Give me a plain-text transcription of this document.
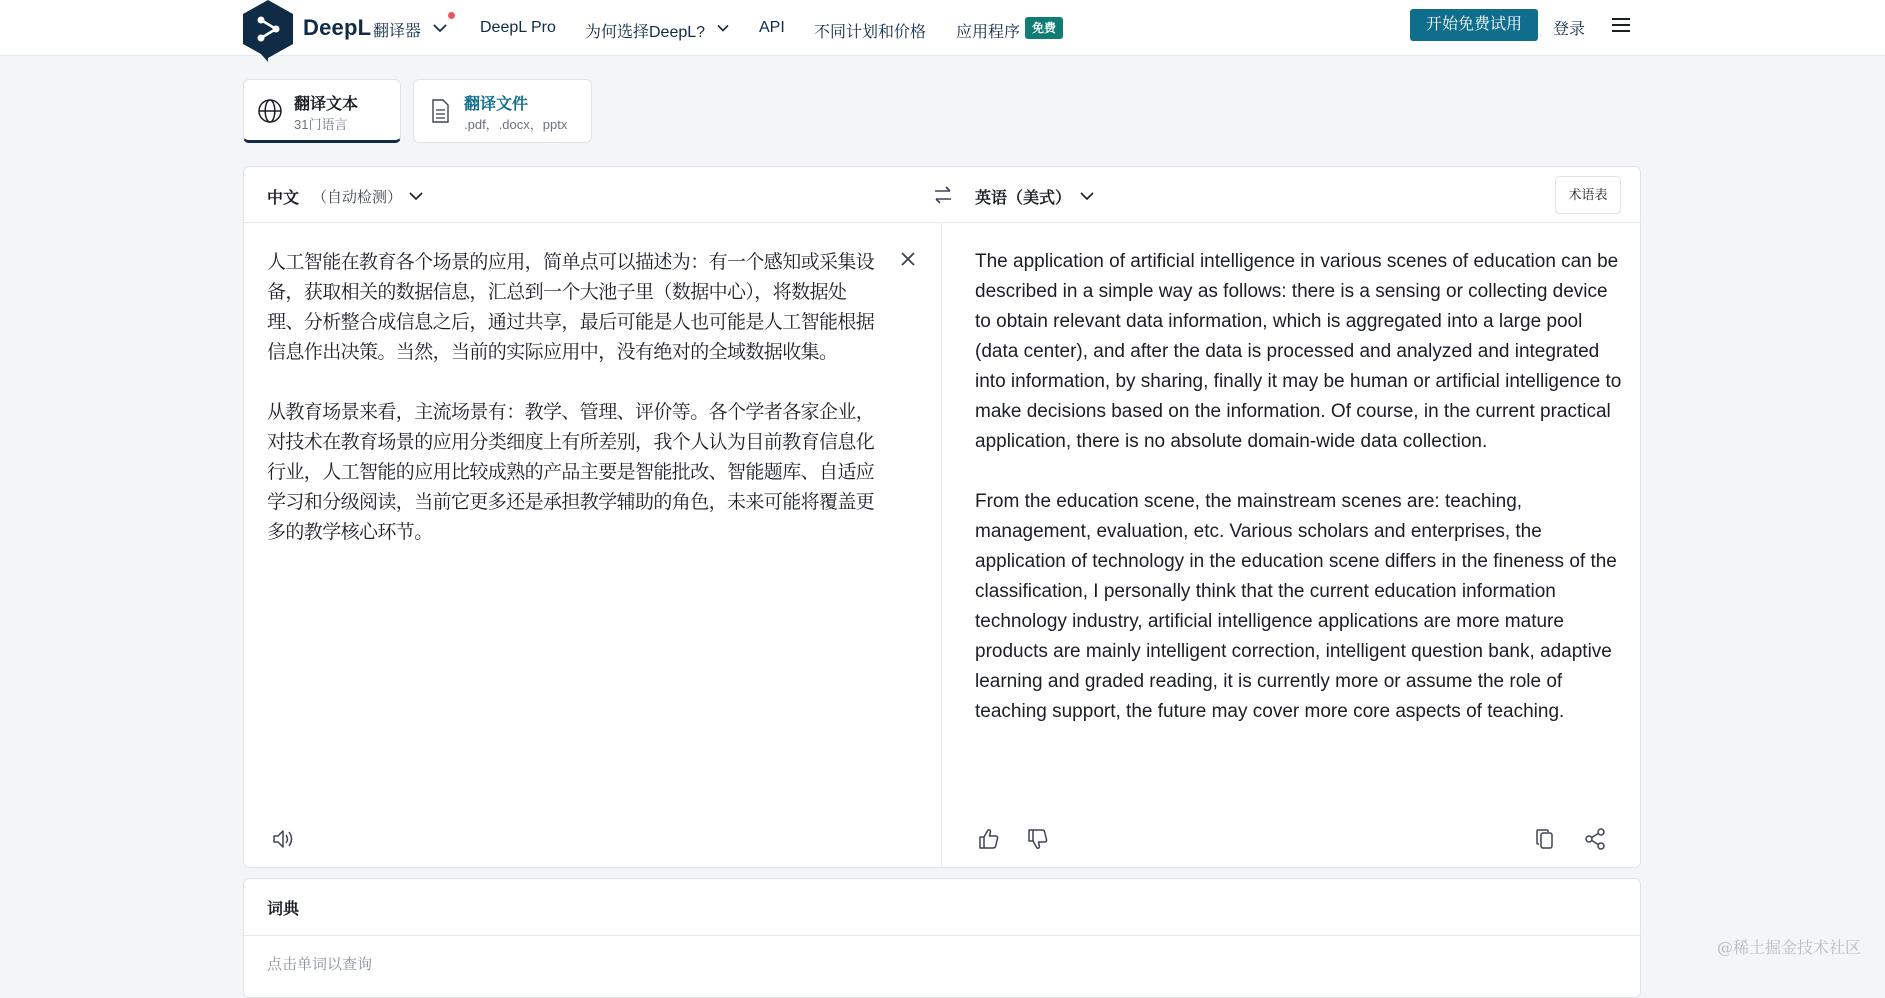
DeepL 翻译器	DeepL Pro 为何选择DeepL?	API 不同计划和价格 应用程序 免费	开始免费试用	登录
翻译文本
31门语言
翻译文件
.pdf，.docx，pptx
中文 （自动检测）	英语（美式）	术语表
人工智能在教育各个场景的应用，简单点可以描述为：有一个感知或采集设备，获取相关的数据信息，汇总到一个大池子里（数据中心），将数据处理、分析整合成信息之后，通过共享，最后可能是人也可能是人工智能根据信息作出决策。当然，当前的实际应用中，没有绝对的全域数据收集。

从教育场景来看，主流场景有：教学、管理、评价等。各个学者各家企业，对技术在教育场景的应用分类细度上有所差别，我个人认为目前教育信息化行业，人工智能的应用比较成熟的产品主要是智能批改、智能题库、自适应学习和分级阅读，当前它更多还是承担教学辅助的角色，未来可能将覆盖更多的教学核心环节。
The application of artificial intelligence in various scenes of education can be described in a simple way as follows: there is a sensing or collecting device to obtain relevant data information, which is aggregated into a large pool (data center), and after the data is processed and analyzed and integrated into information, by sharing, finally it may be human or artificial intelligence to make decisions based on the information. Of course, in the current practical application, there is no absolute domain-wide data collection.

From the education scene, the mainstream scenes are: teaching, management, evaluation, etc. Various scholars and enterprises, the application of technology in the education scene differs in the fineness of the classification, I personally think that the current education information technology industry, artificial intelligence applications are more mature products are mainly intelligent correction, intelligent question bank, adaptive learning and graded reading, it is currently more or assume the role of teaching support, the future may cover more core aspects of teaching.
词典
点击单词以查询
@稀土掘金技术社区
